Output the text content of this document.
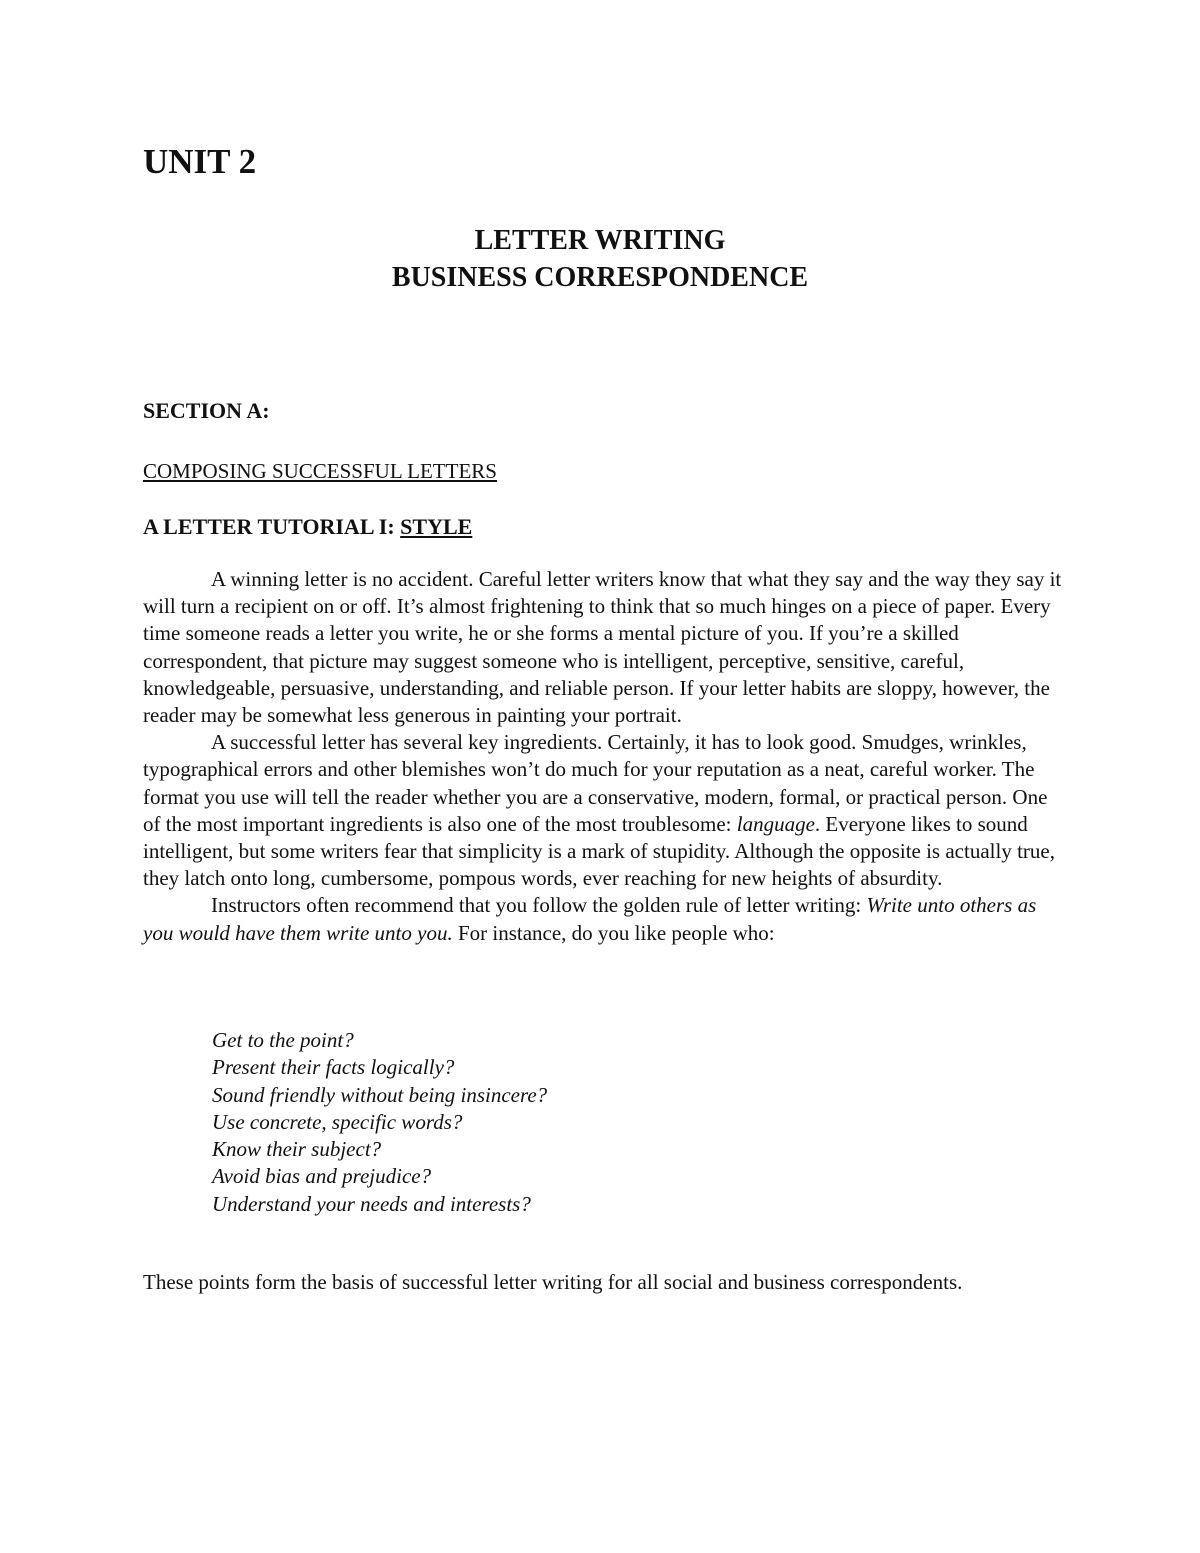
UNIT 2
LETTER WRITING
BUSINESS CORRESPONDENCE
SECTION A:
COMPOSING SUCCESSFUL LETTERS
A LETTER TUTORIAL I: STYLE

A winning letter is no accident. Careful letter writers know that what they say and the way they say it will turn a recipient on or off. It’s almost frightening to think that so much hinges on a piece of paper. Every time someone reads a letter you write, he or she forms a mental picture of you. If you’re a skilled correspondent, that picture may suggest someone who is intelligent, perceptive, sensitive, careful, knowledgeable, persuasive, understanding, and reliable person. If your letter habits are sloppy, however, the reader may be somewhat less generous in painting your portrait.

A successful letter has several key ingredients. Certainly, it has to look good. Smudges, wrinkles, typographical errors and other blemishes won’t do much for your reputation as a neat, careful worker. The format you use will tell the reader whether you are a conservative, modern, formal, or practical person. One of the most important ingredients is also one of the most troublesome: language. Everyone likes to sound intelligent, but some writers fear that simplicity is a mark of stupidity. Although the opposite is actually true, they latch onto long, cumbersome, pompous words, ever reaching for new heights of absurdity.

Instructors often recommend that you follow the golden rule of letter writing: Write unto others as you would have them write unto you. For instance, do you like people who:

Get to the point?
Present their facts logically?
Sound friendly without being insincere?
Use concrete, specific words?
Know their subject?
Avoid bias and prejudice?
Understand your needs and interests?

These points form the basis of successful letter writing for all social and business correspondents.
